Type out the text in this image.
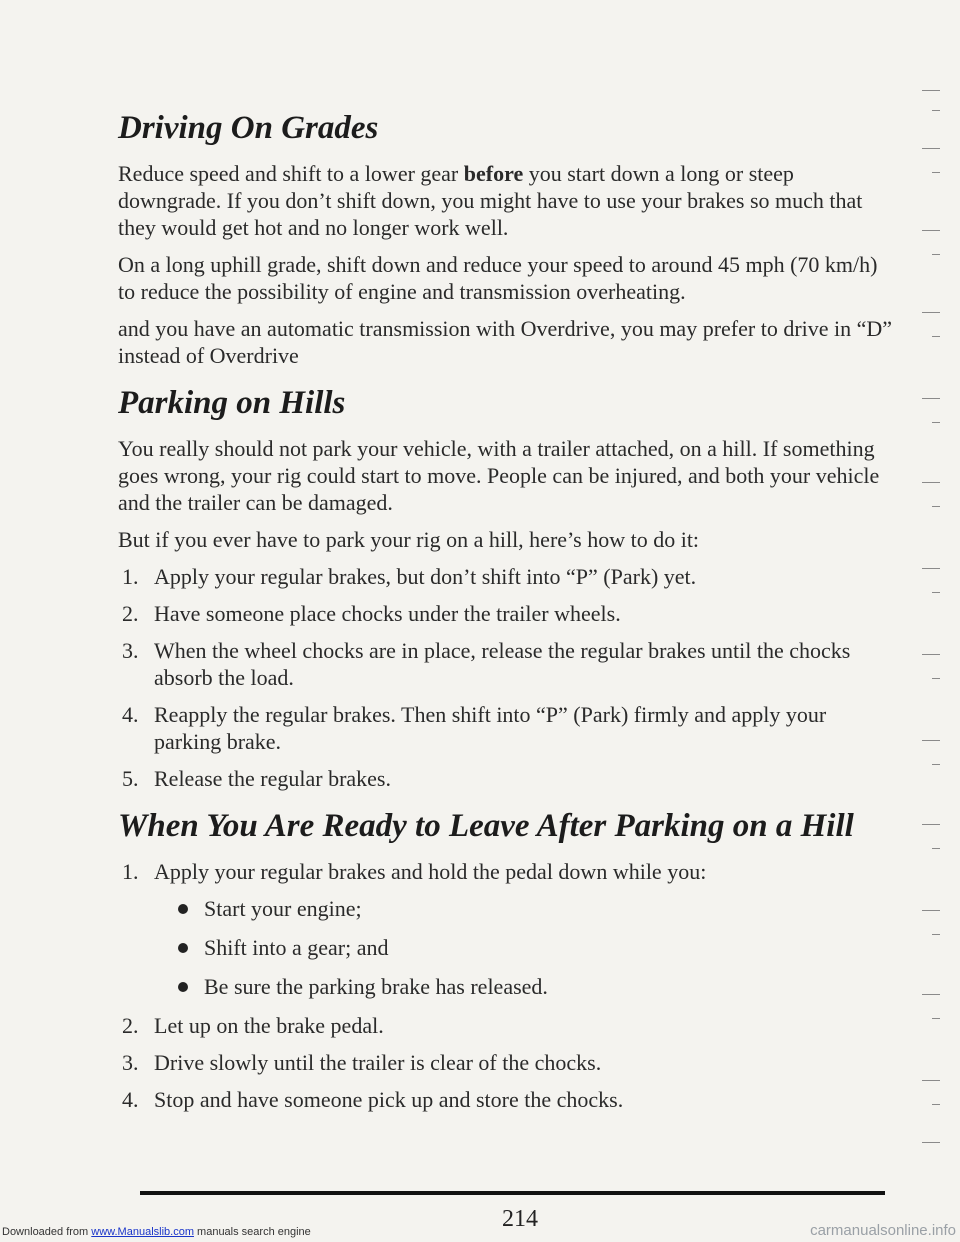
Driving On Grades

Reduce speed and shift to a lower gear before you start down a long or steep downgrade. If you don’t shift down, you might have to use your brakes so much that they would get hot and no longer work well.

On a long uphill grade, shift down and reduce your speed to around 45 mph (70 km/h) to reduce the possibility of engine and transmission overheating.

and you have an automatic transmission with Overdrive, you may prefer to drive in “D” instead of Overdrive

Parking on Hills

You really should not park your vehicle, with a trailer attached, on a hill. If something goes wrong, your rig could start to move. People can be injured, and both your vehicle and the trailer can be damaged.

But if you ever have to park your rig on a hill, here’s how to do it:

1. Apply your regular brakes, but don’t shift into “P” (Park) yet.
2. Have someone place chocks under the trailer wheels.
3. When the wheel chocks are in place, release the regular brakes until the chocks absorb the load.
4. Reapply the regular brakes. Then shift into “P” (Park) firmly and apply your parking brake.
5. Release the regular brakes.
When You Are Ready to Leave After Parking on a Hill
1. Apply your regular brakes and hold the pedal down while you:
Start your engine;
Shift into a gear; and
Be sure the parking brake has released.
2. Let up on the brake pedal.
3. Drive slowly until the trailer is clear of the chocks.
4. Stop and have someone pick up and store the chocks.
214
Downloaded from www.Manualslib.com manuals search engine	carmanualsonline.info
